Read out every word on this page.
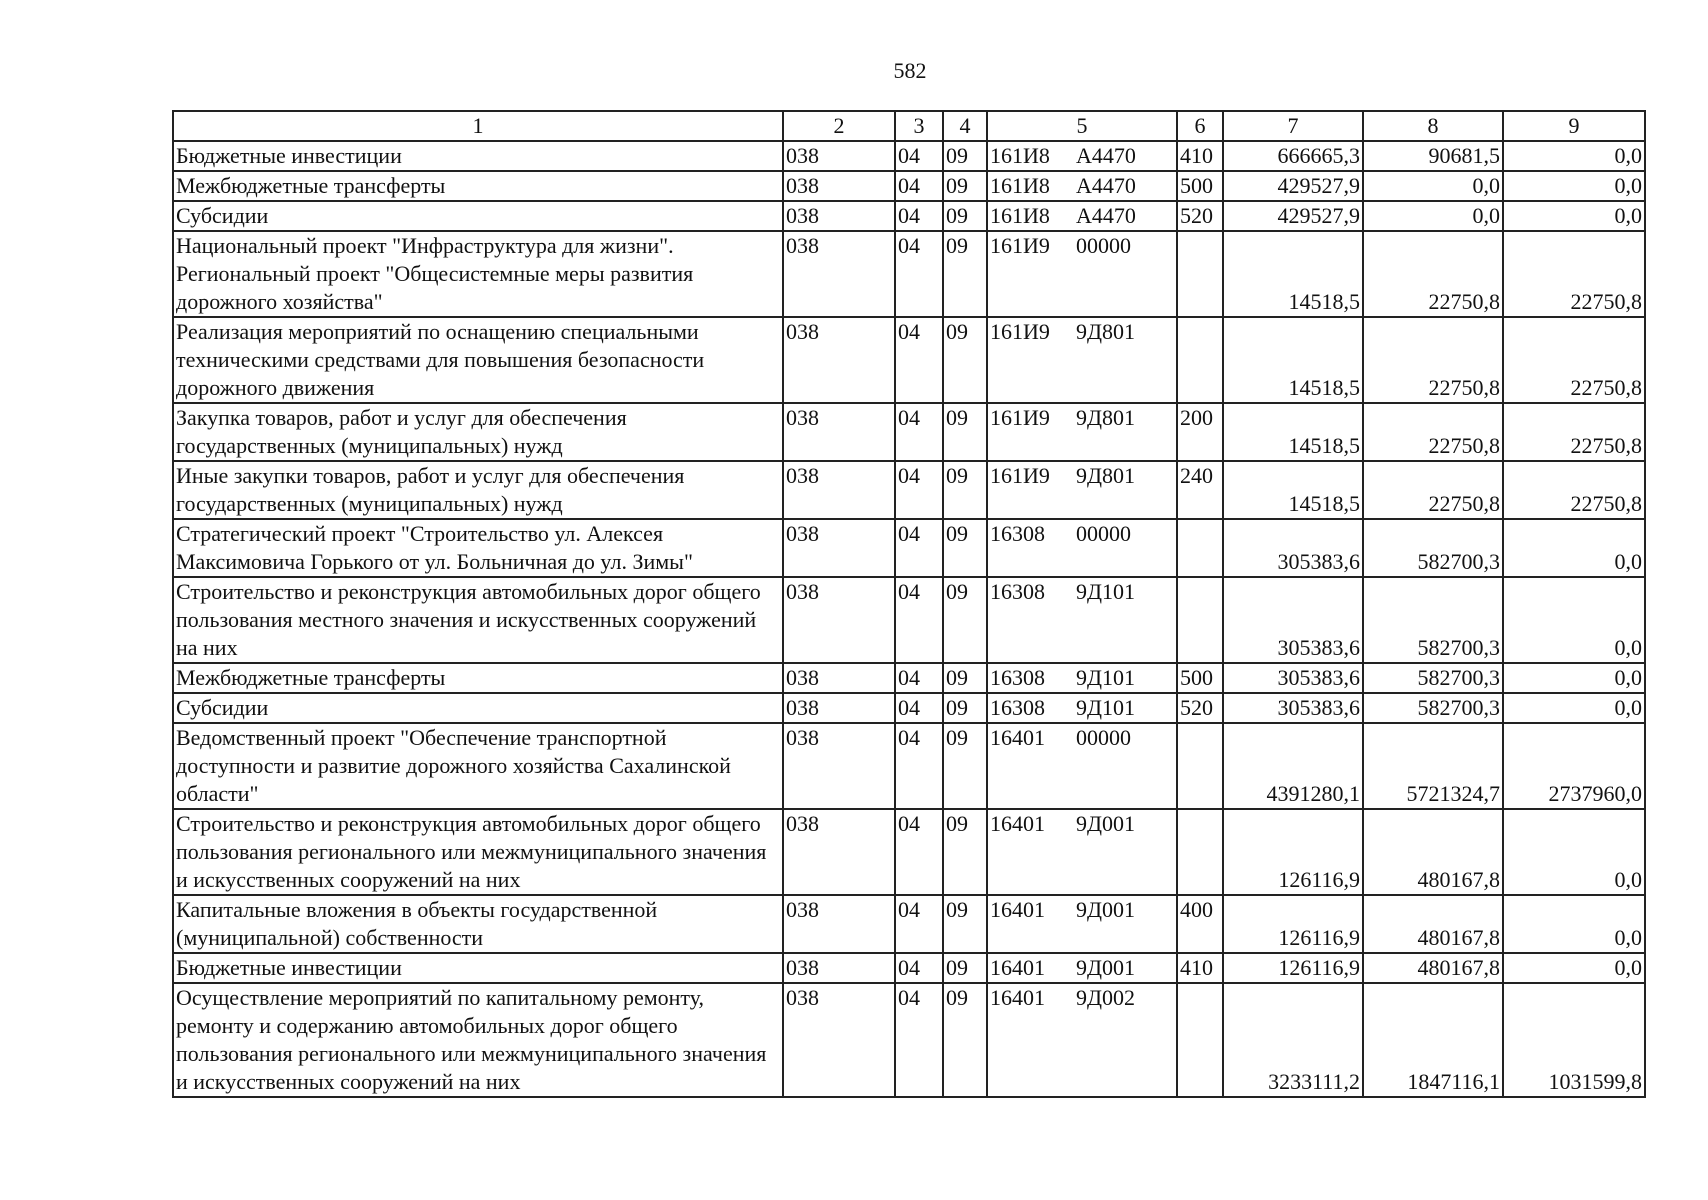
582
1	2	3	4	5	6	7	8	9
Бюджетные инвестиции	038	04	09	161И8 А4470	410	666665,3	90681,5	0,0
Межбюджетные трансферты	038	04	09	161И8 А4470	500	429527,9	0,0	0,0
Субсидии	038	04	09	161И8 А4470	520	429527,9	0,0	0,0
Национальный проект "Инфраструктура для жизни". Региональный проект "Общесистемные меры развития дорожного хозяйства"	038	04	09	161И9 00000		14518,5	22750,8	22750,8
Реализация мероприятий по оснащению специальными техническими средствами для повышения безопасности дорожного движения	038	04	09	161И9 9Д801		14518,5	22750,8	22750,8
Закупка товаров, работ и услуг для обеспечения государственных (муниципальных) нужд	038	04	09	161И9 9Д801	200	14518,5	22750,8	22750,8
Иные закупки товаров, работ и услуг для обеспечения государственных (муниципальных) нужд	038	04	09	161И9 9Д801	240	14518,5	22750,8	22750,8
Стратегический проект "Строительство ул. Алексея Максимовича Горького от ул. Больничная до ул. Зимы"	038	04	09	16308 00000		305383,6	582700,3	0,0
Строительство и реконструкция автомобильных дорог общего пользования местного значения и искусственных сооружений на них	038	04	09	16308 9Д101		305383,6	582700,3	0,0
Межбюджетные трансферты	038	04	09	16308 9Д101	500	305383,6	582700,3	0,0
Субсидии	038	04	09	16308 9Д101	520	305383,6	582700,3	0,0
Ведомственный проект "Обеспечение транспортной доступности и развитие дорожного хозяйства Сахалинской области"	038	04	09	16401 00000		4391280,1	5721324,7	2737960,0
Строительство и реконструкция автомобильных дорог общего пользования регионального или межмуниципального значения и искусственных сооружений на них	038	04	09	16401 9Д001		126116,9	480167,8	0,0
Капитальные вложения в объекты государственной (муниципальной) собственности	038	04	09	16401 9Д001	400	126116,9	480167,8	0,0
Бюджетные инвестиции	038	04	09	16401 9Д001	410	126116,9	480167,8	0,0
Осуществление мероприятий по капитальному ремонту, ремонту и содержанию автомобильных дорог общего пользования регионального или межмуниципального значения и искусственных сооружений на них	038	04	09	16401 9Д002		3233111,2	1847116,1	1031599,8
